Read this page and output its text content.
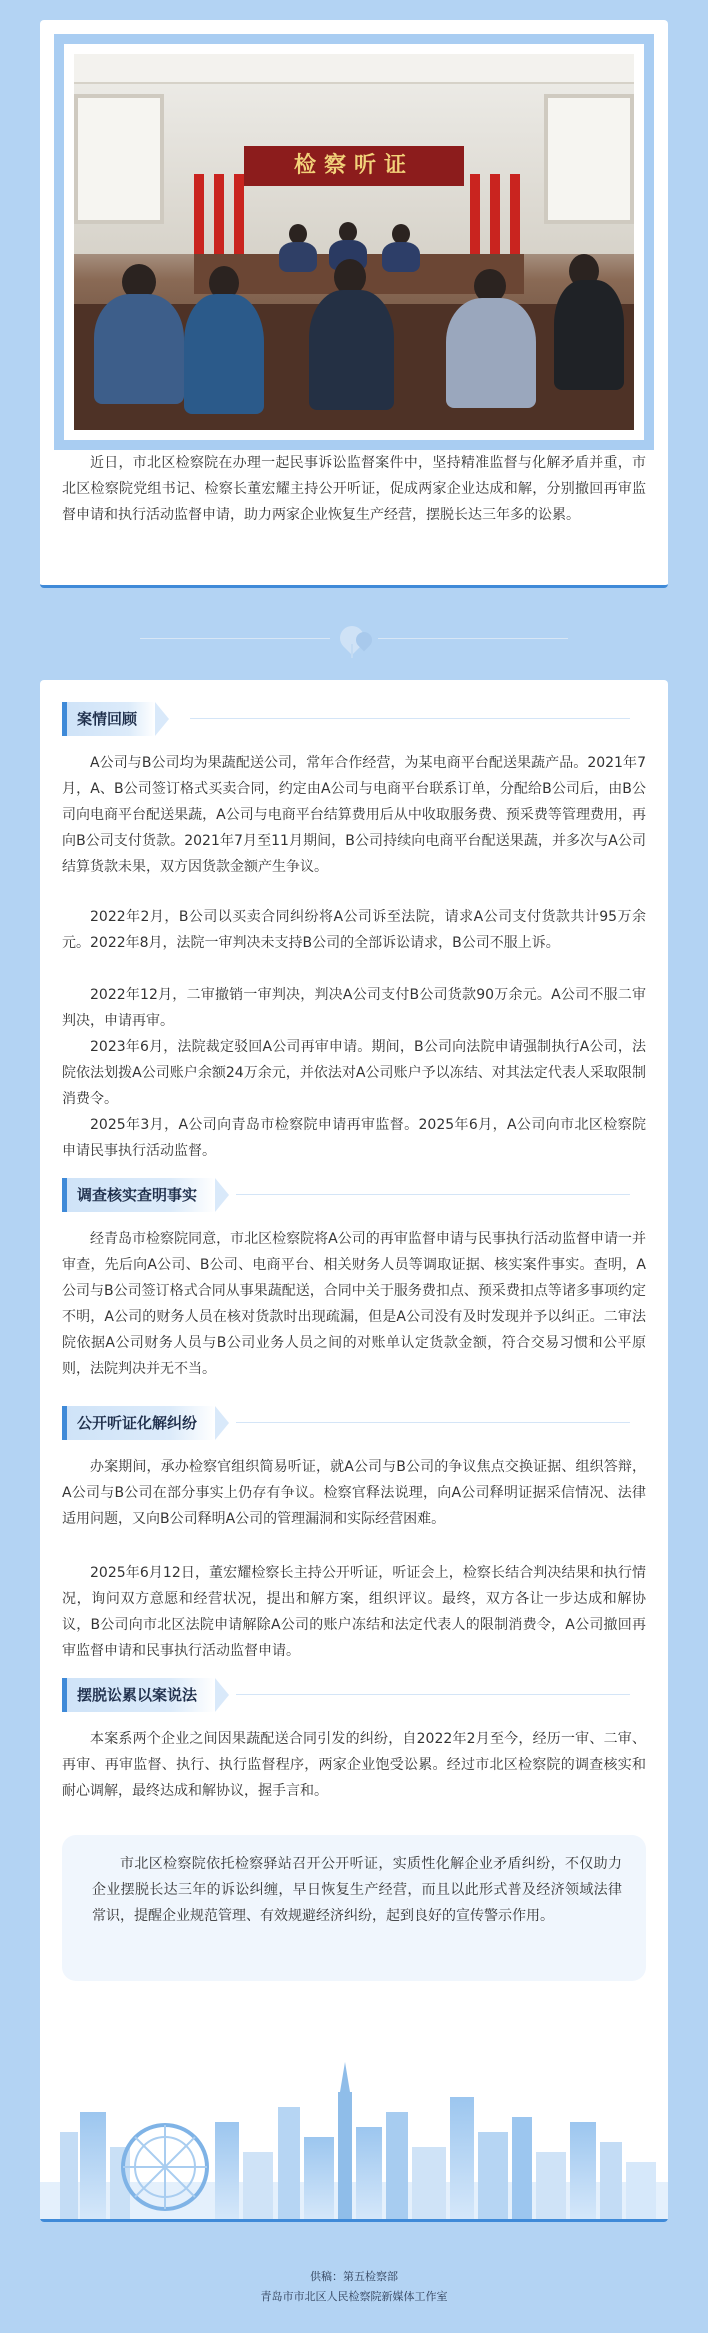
检察听证

近日，市北区检察院在办理一起民事诉讼监督案件中，坚持精准监督与化解矛盾并重，市北区检察院党组书记、检察长董宏耀主持公开听证，促成两家企业达成和解，分别撤回再审监督申请和执行活动监督申请，助力两家企业恢复生产经营，摆脱长达三年多的讼累。

案情回顾

A公司与B公司均为果蔬配送公司，常年合作经营，为某电商平台配送果蔬产品。2021年7月，A、B公司签订格式买卖合同，约定由A公司与电商平台联系订单，分配给B公司后，由B公司向电商平台配送果蔬，A公司与电商平台结算费用后从中收取服务费、预采费等管理费用，再向B公司支付货款。2021年7月至11月期间，B公司持续向电商平台配送果蔬，并多次与A公司结算货款未果，双方因货款金额产生争议。

2022年2月，B公司以买卖合同纠纷将A公司诉至法院，请求A公司支付货款共计95万余元。2022年8月，法院一审判决未支持B公司的全部诉讼请求，B公司不服上诉。

2022年12月，二审撤销一审判决，判决A公司支付B公司货款90万余元。A公司不服二审判决，申请再审。

2023年6月，法院裁定驳回A公司再审申请。期间，B公司向法院申请强制执行A公司，法院依法划拨A公司账户余额24万余元，并依法对A公司账户予以冻结、对其法定代表人采取限制消费令。

2025年3月，A公司向青岛市检察院申请再审监督。2025年6月，A公司向市北区检察院申请民事执行活动监督。

调查核实查明事实

经青岛市检察院同意，市北区检察院将A公司的再审监督申请与民事执行活动监督申请一并审查，先后向A公司、B公司、电商平台、相关财务人员等调取证据、核实案件事实。查明，A公司与B公司签订格式合同从事果蔬配送，合同中关于服务费扣点、预采费扣点等诸多事项约定不明，A公司的财务人员在核对货款时出现疏漏，但是A公司没有及时发现并予以纠正。二审法院依据A公司财务人员与B公司业务人员之间的对账单认定货款金额，符合交易习惯和公平原则，法院判决并无不当。

公开听证化解纠纷

办案期间，承办检察官组织简易听证，就A公司与B公司的争议焦点交换证据、组织答辩，A公司与B公司在部分事实上仍存有争议。检察官释法说理，向A公司释明证据采信情况、法律适用问题，又向B公司释明A公司的管理漏洞和实际经营困难。

2025年6月12日，董宏耀检察长主持公开听证，听证会上，检察长结合判决结果和执行情况，询问双方意愿和经营状况，提出和解方案，组织评议。最终，双方各让一步达成和解协议，B公司向市北区法院申请解除A公司的账户冻结和法定代表人的限制消费令，A公司撤回再审监督申请和民事执行活动监督申请。

摆脱讼累以案说法

本案系两个企业之间因果蔬配送合同引发的纠纷，自2022年2月至今，经历一审、二审、再审、再审监督、执行、执行监督程序，两家企业饱受讼累。经过市北区检察院的调查核实和耐心调解，最终达成和解协议，握手言和。

市北区检察院依托检察驿站召开公开听证，实质性化解企业矛盾纠纷，不仅助力企业摆脱长达三年的诉讼纠缠，早日恢复生产经营，而且以此形式普及经济领域法律常识，提醒企业规范管理、有效规避经济纠纷，起到良好的宣传警示作用。

供稿：第五检察部
青岛市市北区人民检察院新媒体工作室
